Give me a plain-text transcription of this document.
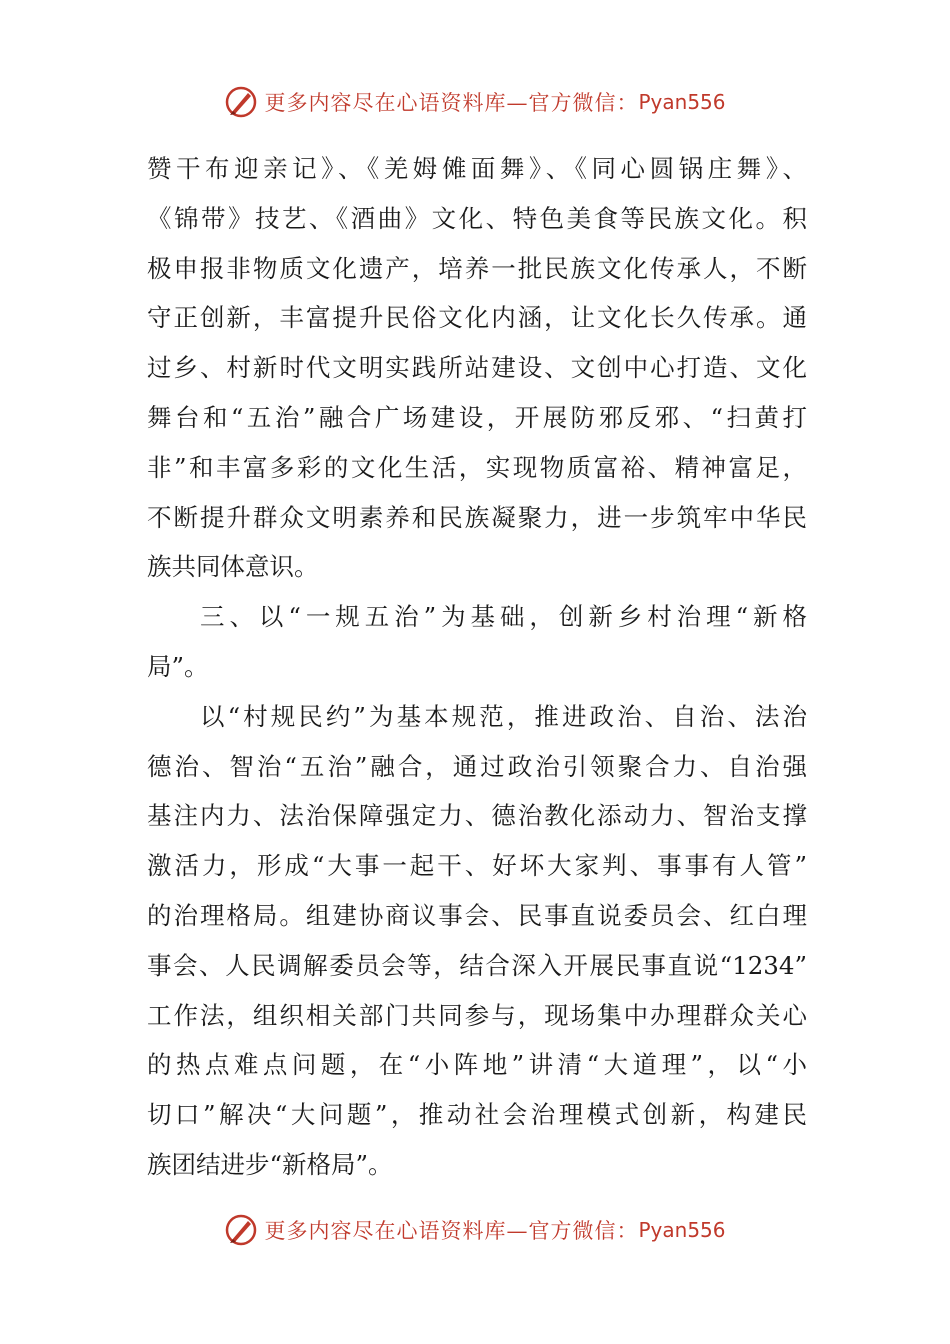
更多内容尽在心语资料库—官方微信： Pyan556
赞干布迎亲记》、《羌姆傩面舞》、《同心圆锅庄舞》、
《锦带》技艺、《酒曲》文化、特色美食等民族文化。积
极申报非物质文化遗产，培养一批民族文化传承人，不断
守正创新，丰富提升民俗文化内涵，让文化长久传承。通
过乡、村新时代文明实践所站建设、文创中心打造、文化
舞台和“五治”融合广场建设，开展防邪反邪、“扫黄打
非”和丰富多彩的文化生活，实现物质富裕、精神富足，
不断提升群众文明素养和民族凝聚力，进一步筑牢中华民
族共同体意识。
三、以“一规五治”为基础，创新乡村治理“新格
局”。
以“村规民约”为基本规范，推进政治、自治、法治
德治、智治“五治”融合，通过政治引领聚合力、自治强
基注内力、法治保障强定力、德治教化添动力、智治支撑
激活力，形成“大事一起干、好坏大家判、事事有人管”
的治理格局。组建协商议事会、民事直说委员会、红白理
事会、人民调解委员会等，结合深入开展民事直说“1234”
工作法，组织相关部门共同参与，现场集中办理群众关心
的热点难点问题，在“小阵地”讲清“大道理”，以“小
切口”解决“大问题”，推动社会治理模式创新，构建民
族团结进步“新格局”。
更多内容尽在心语资料库—官方微信： Pyan556
